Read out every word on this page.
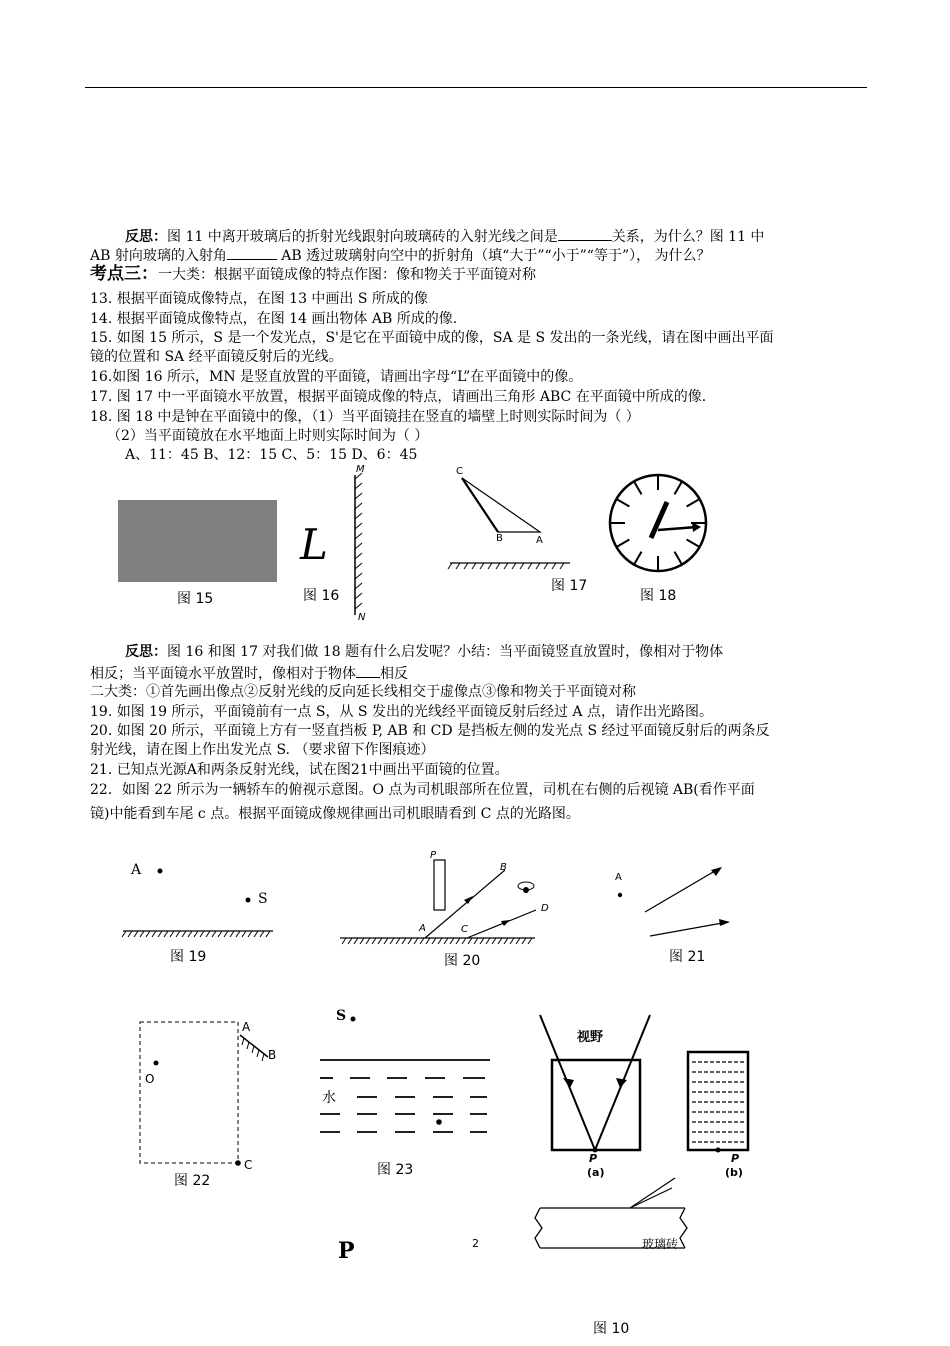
反思：图 11 中离开玻璃后的折射光线跟射向玻璃砖的入射光线之间是	关系，为什么？图 11 中
AB 射向玻璃的入射角	AB 透过玻璃射向空中的折射角（填“大于”“小于”“等于”）， 为什么？
考点三：一大类：根据平面镜成像的特点作图：像和物关于平面镜对称
13. 根据平面镜成像特点，在图 13 中画出 S 所成的像
14. 根据平面镜成像特点，在图 14 画出物体 AB 所成的像.
15. 如图 15 所示，S 是一个发光点，S'是它在平面镜中成的像，SA 是 S 发出的一条光线，请在图中画出平面
镜的位置和 SA 经平面镜反射后的光线。
16.如图 16 所示，MN 是竖直放置的平面镜，请画出字母“L”在平面镜中的像。
17. 图 17 中一平面镜水平放置，根据平面镜成像的特点，请画出三角形 ABC 在平面镜中所成的像.
18. 图 18 中是钟在平面镜中的像，（1）当平面镜挂在竖直的墙壁上时则实际时间为（ ）
（2）当平面镜放在水平地面上时则实际时间为（ ）
A、11：45 B、12：15 C、5：15 D、6：45
图 15
L
M
N
图 16
C
B	A
图 17
图 18
反思：图 16 和图 17 对我们做 18 题有什么启发呢？小结：当平面镜竖直放置时，像相对于物体
相反；当平面镜水平放置时，像相对于物体 相反
二大类：①首先画出像点②反射光线的反向延长线相交于虚像点③像和物关于平面镜对称
19. 如图 19 所示，平面镜前有一点 S，从 S 发出的光线经平面镜反射后经过 A 点，请作出光路图。
20. 如图 20 所示，平面镜上方有一竖直挡板 P, AB 和 CD 是挡板左侧的发光点 S 经过平面镜反射后的两条反
射光线，请在图上作出发光点 S. （要求留下作图痕迹）
21. 已知点光源A和两条反射光线，试在图21中画出平面镜的位置。
22．如图 22 所示为一辆轿车的俯视示意图。O 点为司机眼部所在位置，司机在右侧的后视镜 AB(看作平面
镜)中能看到车尾 c 点。根据平面镜成像规律画出司机眼睛看到 C 点的光路图。
A
S
图 19
P
B
D
A	C
图 20
A
图 21
A
B
O
C
图 22
S
水
图 23
视野
P
(a)
P
(b)
玻璃砖
P	2
图 10
